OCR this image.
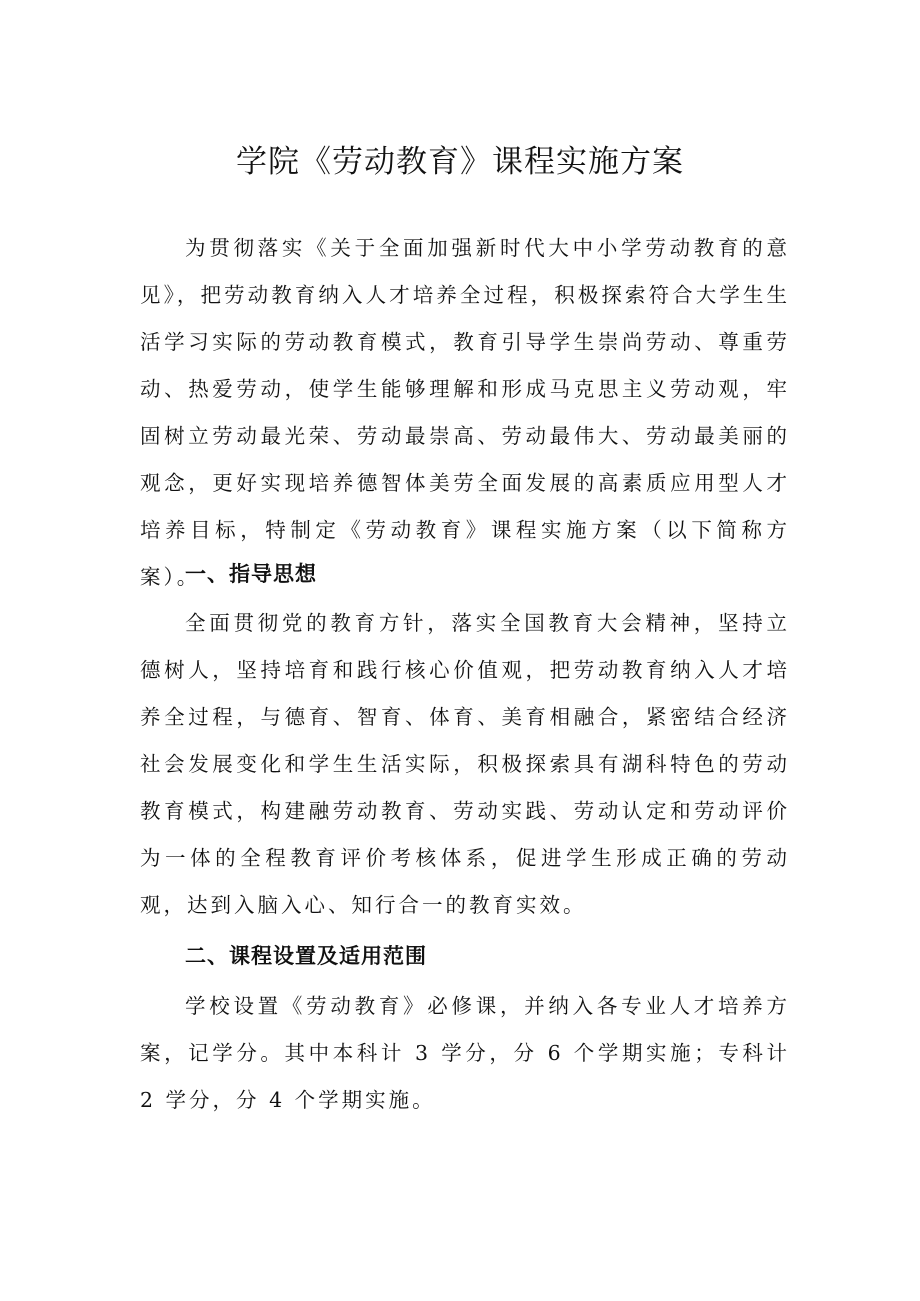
学院《劳动教育》课程实施方案

为贯彻落实《关于全面加强新时代大中小学劳动教育的意见》，把劳动教育纳入人才培养全过程，积极探索符合大学生生活学习实际的劳动教育模式，教育引导学生崇尚劳动、尊重劳动、热爱劳动，使学生能够理解和形成马克思主义劳动观，牢固树立劳动最光荣、劳动最崇高、劳动最伟大、劳动最美丽的观念，更好实现培养德智体美劳全面发展的高素质应用型人才培养目标，特制定《劳动教育》课程实施方案（以下简称方案）。

一、指导思想

全面贯彻党的教育方针，落实全国教育大会精神，坚持立德树人，坚持培育和践行核心价值观，把劳动教育纳入人才培养全过程，与德育、智育、体育、美育相融合，紧密结合经济社会发展变化和学生生活实际，积极探索具有湖科特色的劳动教育模式，构建融劳动教育、劳动实践、劳动认定和劳动评价为一体的全程教育评价考核体系，促进学生形成正确的劳动观，达到入脑入心、知行合一的教育实效。

二、课程设置及适用范围

学校设置《劳动教育》必修课，并纳入各专业人才培养方案，记学分。其中本科计 3 学分，分 6 个学期实施；专科计 2 学分，分 4 个学期实施。
